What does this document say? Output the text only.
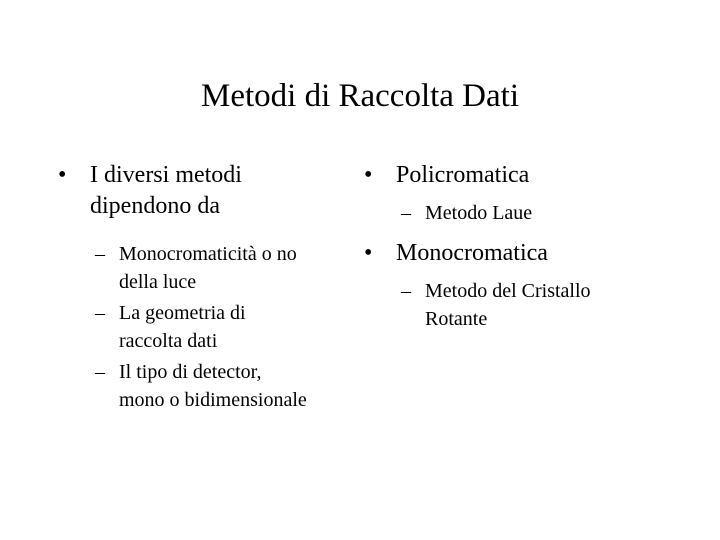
Metodi di Raccolta Dati
• I diversi metodi
dipendono da
– Monocromaticità o no
della luce
– La geometria di
raccolta dati
– Il tipo di detector,
mono o bidimensionale
• Policromatica
– Metodo Laue
• Monocromatica
– Metodo del Cristallo
Rotante
